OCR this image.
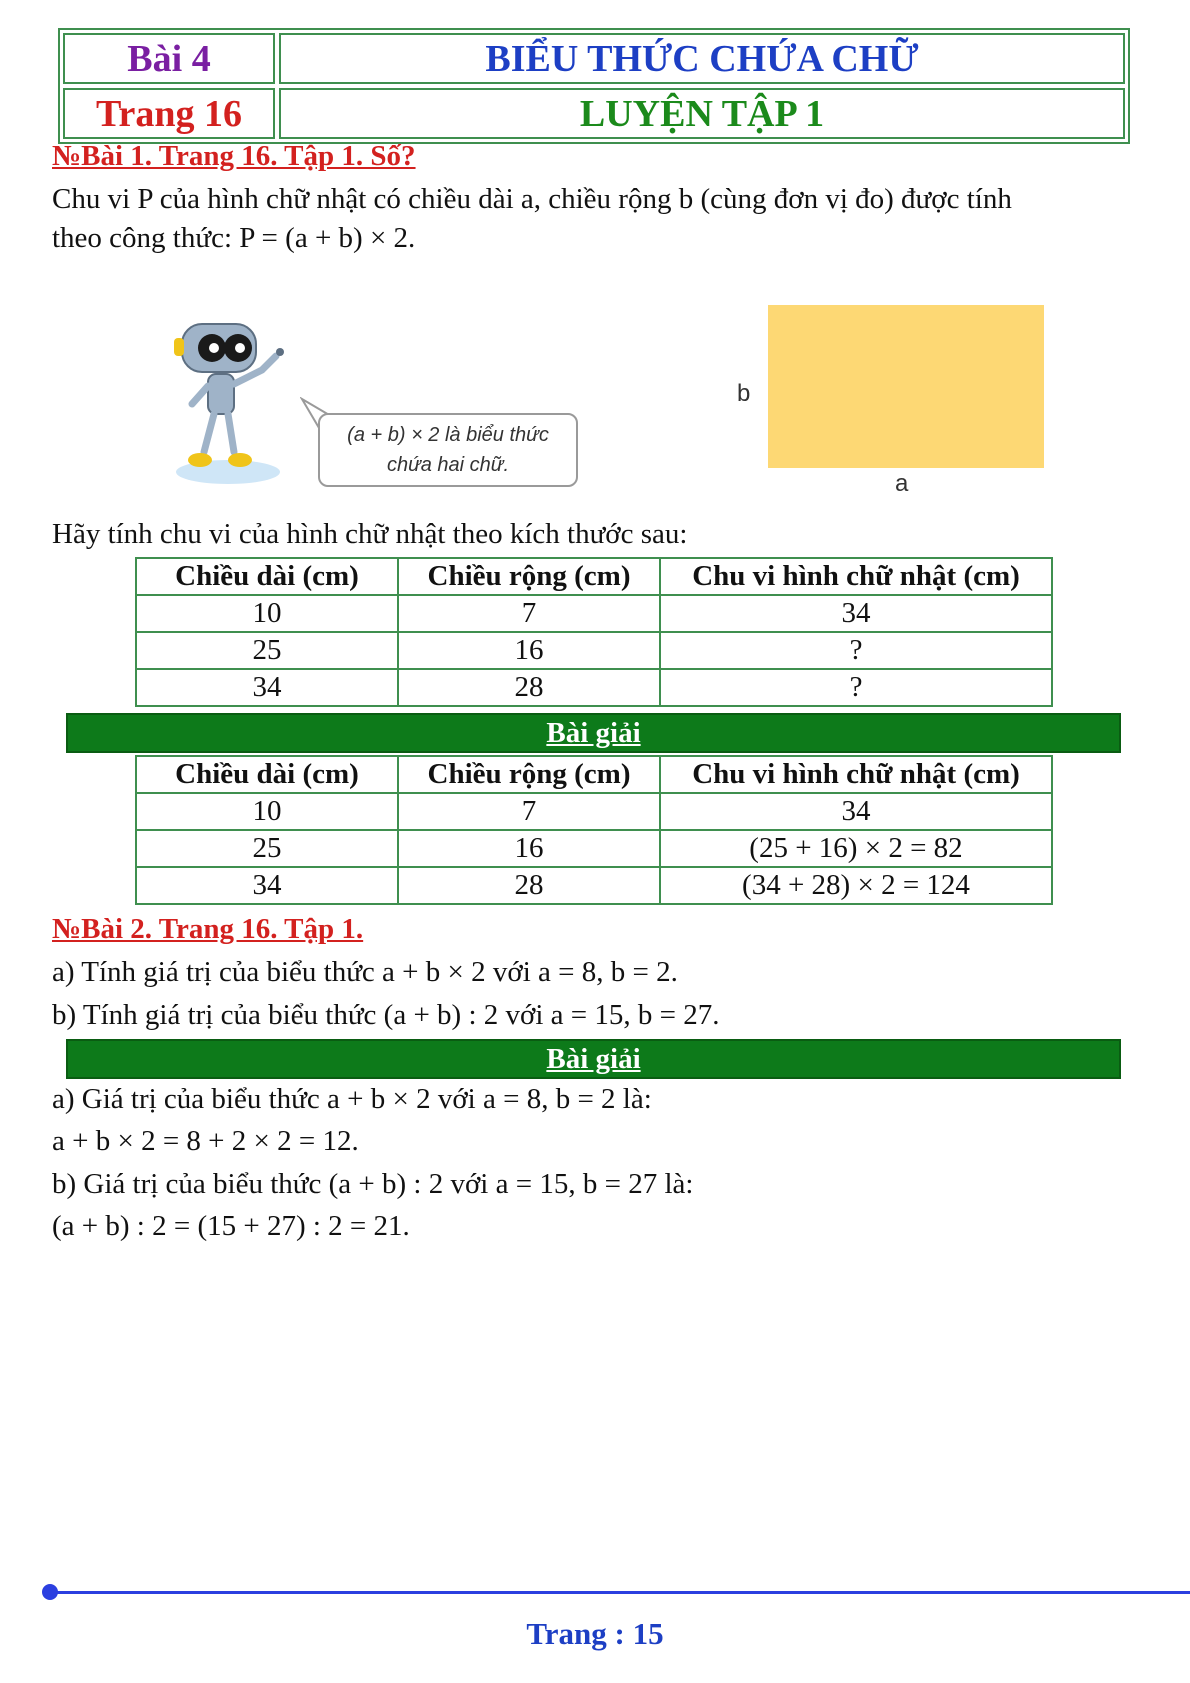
Bài 4	BIỂU THỨC CHỨA CHỮ
Trang 16	LUYỆN TẬP 1
№Bài 1. Trang 16. Tập 1. Số?
Chu vi P của hình chữ nhật có chiều dài a, chiều rộng b (cùng đơn vị đo) được tính
theo công thức: P = (a + b) × 2.
(a + b) × 2 là biểu thức
chứa hai chữ.
b
a
Hãy tính chu vi của hình chữ nhật theo kích thước sau:
Chiều dài (cm)	Chiều rộng (cm)	Chu vi hình chữ nhật (cm)
10	7	34
25	16	?
34	28	?
Bài giải
Chiều dài (cm)	Chiều rộng (cm)	Chu vi hình chữ nhật (cm)
10	7	34
25	16	(25 + 16) × 2 = 82
34	28	(34 + 28) × 2 = 124
№Bài 2. Trang 16. Tập 1.
a) Tính giá trị của biểu thức a + b × 2 với a = 8, b = 2.
b) Tính giá trị của biểu thức (a + b) : 2 với a = 15, b = 27.
Bài giải
a) Giá trị của biểu thức a + b × 2 với a = 8, b = 2 là:
a + b × 2 = 8 + 2 × 2 = 12.
b) Giá trị của biểu thức (a + b) : 2 với a = 15, b = 27 là:
(a + b) : 2 = (15 + 27) : 2 = 21.
Trang : 15
